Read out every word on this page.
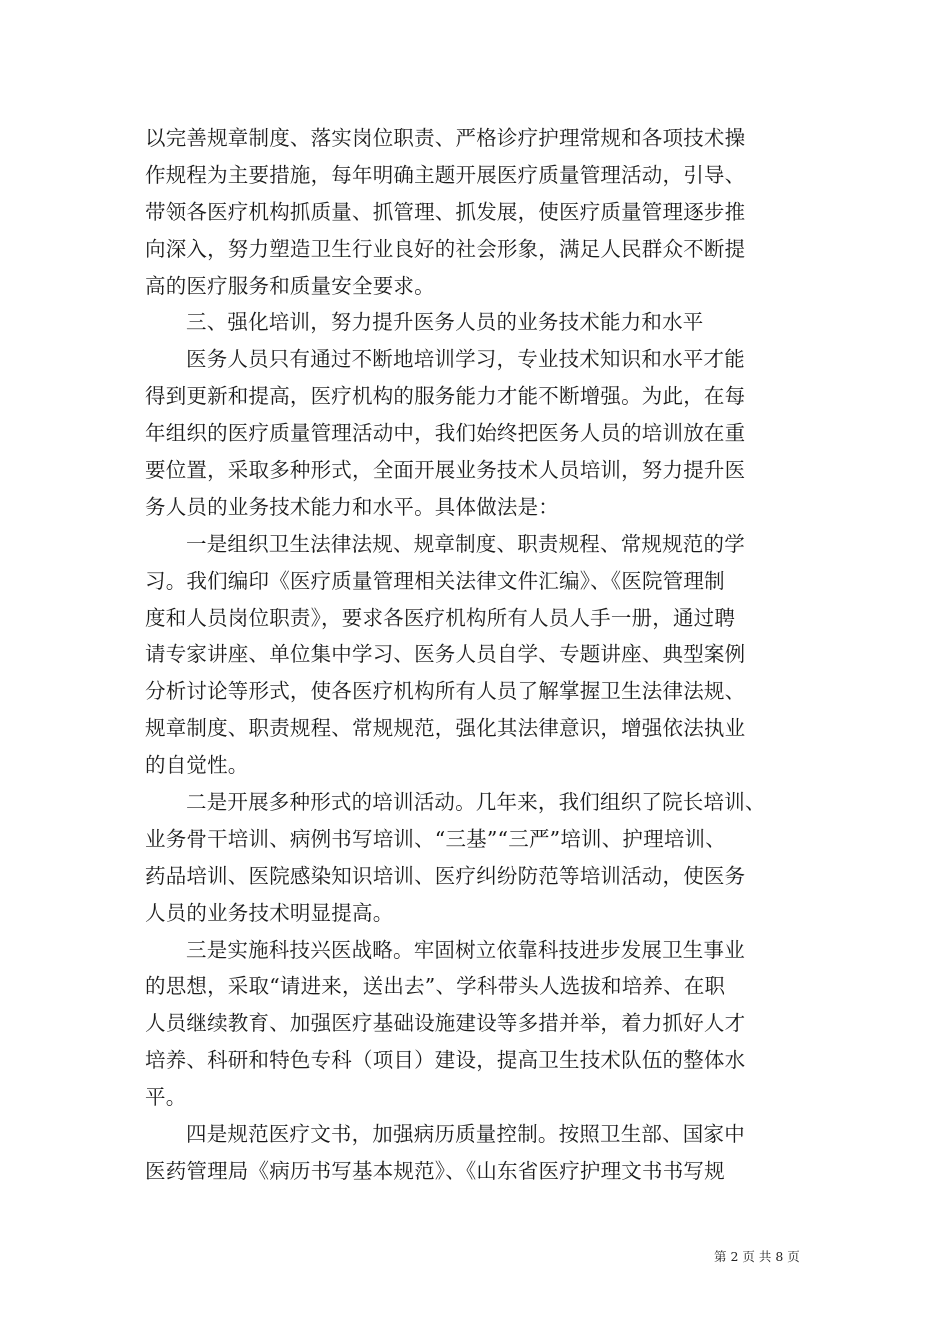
以完善规章制度、落实岗位职责、严格诊疗护理常规和各项技术操
作规程为主要措施，每年明确主题开展医疗质量管理活动，引导、
带领各医疗机构抓质量、抓管理、抓发展，使医疗质量管理逐步推
向深入，努力塑造卫生行业良好的社会形象，满足人民群众不断提
高的医疗服务和质量安全要求。
三、强化培训，努力提升医务人员的业务技术能力和水平
医务人员只有通过不断地培训学习，专业技术知识和水平才能
得到更新和提高，医疗机构的服务能力才能不断增强。为此，在每
年组织的医疗质量管理活动中，我们始终把医务人员的培训放在重
要位置，采取多种形式，全面开展业务技术人员培训，努力提升医
务人员的业务技术能力和水平。具体做法是：
一是组织卫生法律法规、规章制度、职责规程、常规规范的学
习。我们编印《医疗质量管理相关法律文件汇编》、《医院管理制
度和人员岗位职责》，要求各医疗机构所有人员人手一册，通过聘
请专家讲座、单位集中学习、医务人员自学、专题讲座、典型案例
分析讨论等形式，使各医疗机构所有人员了解掌握卫生法律法规、
规章制度、职责规程、常规规范，强化其法律意识，增强依法执业
的自觉性。
二是开展多种形式的培训活动。几年来，我们组织了院长培训、
业务骨干培训、病例书写培训、“三基”“三严”培训、护理培训、
药品培训、医院感染知识培训、医疗纠纷防范等培训活动，使医务
人员的业务技术明显提高。
三是实施科技兴医战略。牢固树立依靠科技进步发展卫生事业
的思想，采取“请进来，送出去”、学科带头人选拔和培养、在职
人员继续教育、加强医疗基础设施建设等多措并举，着力抓好人才
培养、科研和特色专科（项目）建设，提高卫生技术队伍的整体水
平。
四是规范医疗文书，加强病历质量控制。按照卫生部、国家中
医药管理局《病历书写基本规范》、《山东省医疗护理文书书写规
第 2 页 共 8 页
